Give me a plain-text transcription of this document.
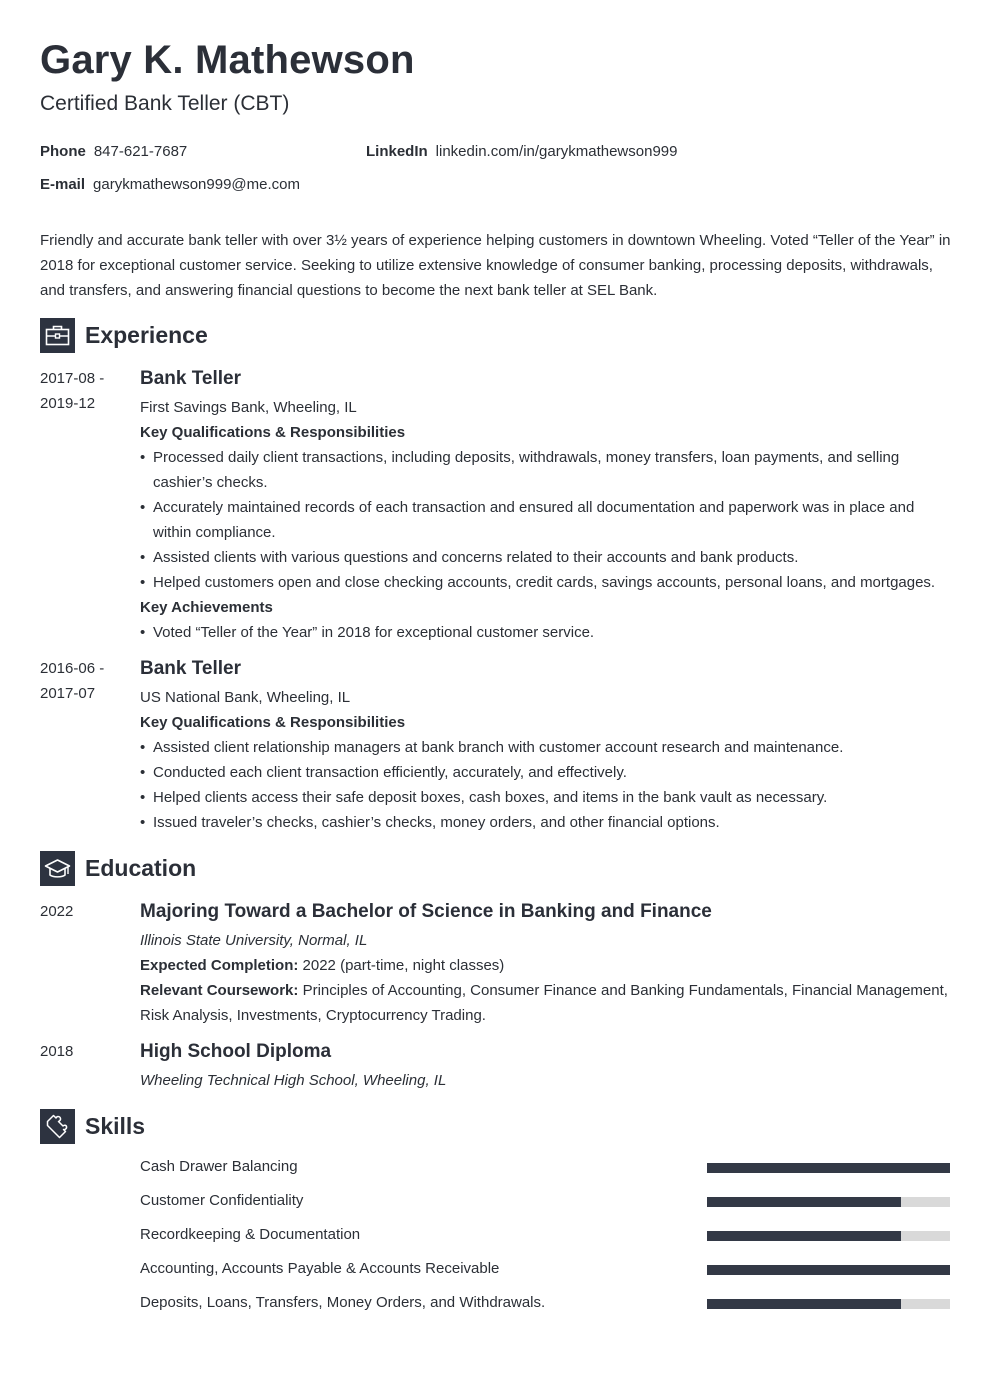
Gary K. Mathewson
Certified Bank Teller (CBT)
Phone 847-621-7687	LinkedIn linkedin.com/in/garykmathewson999
E-mail garykmathewson999@me.com
Friendly and accurate bank teller with over 3½ years of experience helping customers in downtown Wheeling. Voted “Teller of the Year” in 2018 for exceptional customer service. Seeking to utilize extensive knowledge of consumer banking, processing deposits, withdrawals, and transfers, and answering financial questions to become the next bank teller at SEL Bank.
Experience
2017-08 -
2019-12
Bank Teller
First Savings Bank, Wheeling, IL
Key Qualifications & Responsibilities
• Processed daily client transactions, including deposits, withdrawals, money transfers, loan payments, and selling cashier’s checks.
• Accurately maintained records of each transaction and ensured all documentation and paperwork was in place and within compliance.
• Assisted clients with various questions and concerns related to their accounts and bank products.
• Helped customers open and close checking accounts, credit cards, savings accounts, personal loans, and mortgages.
Key Achievements
• Voted “Teller of the Year” in 2018 for exceptional customer service.
2016-06 -
2017-07
Bank Teller
US National Bank, Wheeling, IL
Key Qualifications & Responsibilities
• Assisted client relationship managers at bank branch with customer account research and maintenance.
• Conducted each client transaction efficiently, accurately, and effectively.
• Helped clients access their safe deposit boxes, cash boxes, and items in the bank vault as necessary.
• Issued traveler’s checks, cashier’s checks, money orders, and other financial options.
Education
2022	Majoring Toward a Bachelor of Science in Banking and Finance
Illinois State University, Normal, IL
Expected Completion: 2022 (part-time, night classes)
Relevant Coursework: Principles of Accounting, Consumer Finance and Banking Fundamentals, Financial Management, Risk Analysis, Investments, Cryptocurrency Trading.
2018	High School Diploma
Wheeling Technical High School, Wheeling, IL
Skills
Cash Drawer Balancing
Customer Confidentiality
Recordkeeping & Documentation
Accounting, Accounts Payable & Accounts Receivable
Deposits, Loans, Transfers, Money Orders, and Withdrawals.
